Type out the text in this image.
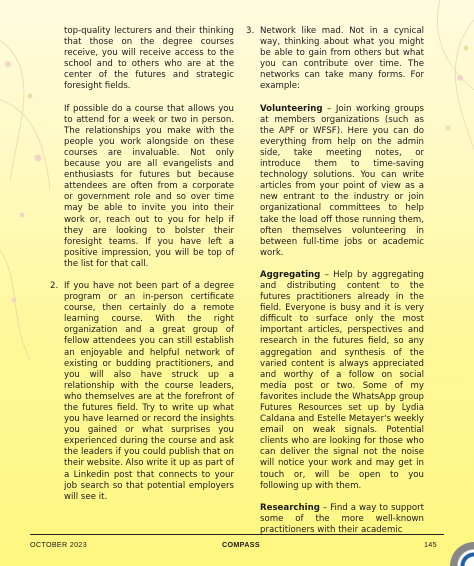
top-quality lecturers and their thinking that those on the degree courses receive, you will receive access to the school and to others who are at the center of the futures and strategic foresight fields.

If possible do a course that allows you to attend for a week or two in person. The relationships you make with the people you work alongside on these courses are invaluable. Not only because you are all evangelists and enthusiasts for futures but because attendees are often from a corporate or government role and so over time may be able to invite you into their work or, reach out to you for help if they are looking to bolster their foresight teams. If you have left a positive impression, you will be top of the list for that call.

2. If you have not been part of a degree program or an in-person certificate course, then certainly do a remote learning course. With the right organization and a great group of fellow attendees you can still establish an enjoyable and helpful network of existing or budding practitioners, and you will also have struck up a relationship with the course leaders, who themselves are at the forefront of the futures field. Try to write up what you have learned or record the insights you gained or what surprises you experienced during the course and ask the leaders if you could publish that on their website. Also write it up as part of a Linkedin post that connects to your job search so that potential employers will see it.
3. Network like mad. Not in a cynical way, thinking about what you might be able to gain from others but what you can contribute over time. The networks can take many forms. For example:

Volunteering – Join working groups at members organizations (such as the APF or WFSF). Here you can do everything from help on the admin side, take meeting notes, or introduce them to time-saving technology solutions. You can write articles from your point of view as a new entrant to the industry or join organizational committees to help take the load off those running them, often themselves volunteering in between full-time jobs or academic work.

Aggregating – Help by aggregating and distributing content to the futures practitioners already in the field. Everyone is busy and it is very difficult to surface only the most important articles, perspectives and research in the futures field, so any aggregation and synthesis of the varied content is always appreciated and worthy of a follow on social media post or two. Some of my favorites include the WhatsApp group Futures Resources set up by Lydia Caldana and Estelle Metayer's weekly email on weak signals. Potential clients who are looking for those who can deliver the signal not the noise will notice your work and may get in touch or, will be open to you following up with them.

Researching – Find a way to support some of the more well-known practitioners with their academic

OCTOBER 2023	COMPASS	145
